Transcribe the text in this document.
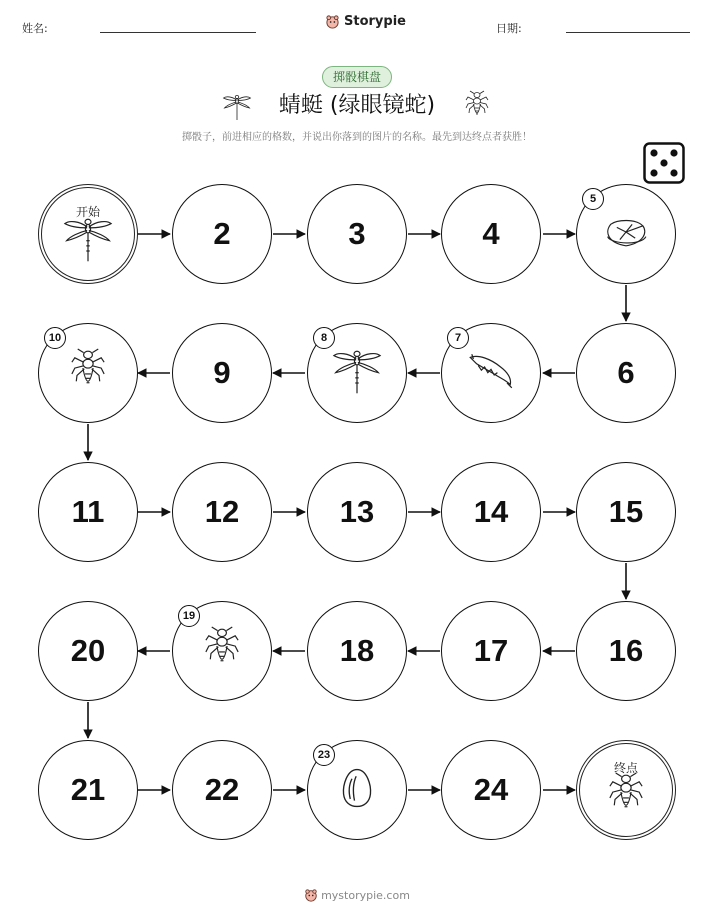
姓名:	Storypie	日期:
掷骰棋盘
蜻蜓 (绿眼镜蛇)
掷骰子，前进相应的格数，并说出你落到的图片的名称。最先到达终点者获胜！
开始
2	3	4
5
6
7
8
9
10
11	12	13	14	15
16
17
18
19
20
21	22
23
24
终点
mystorypie.com
